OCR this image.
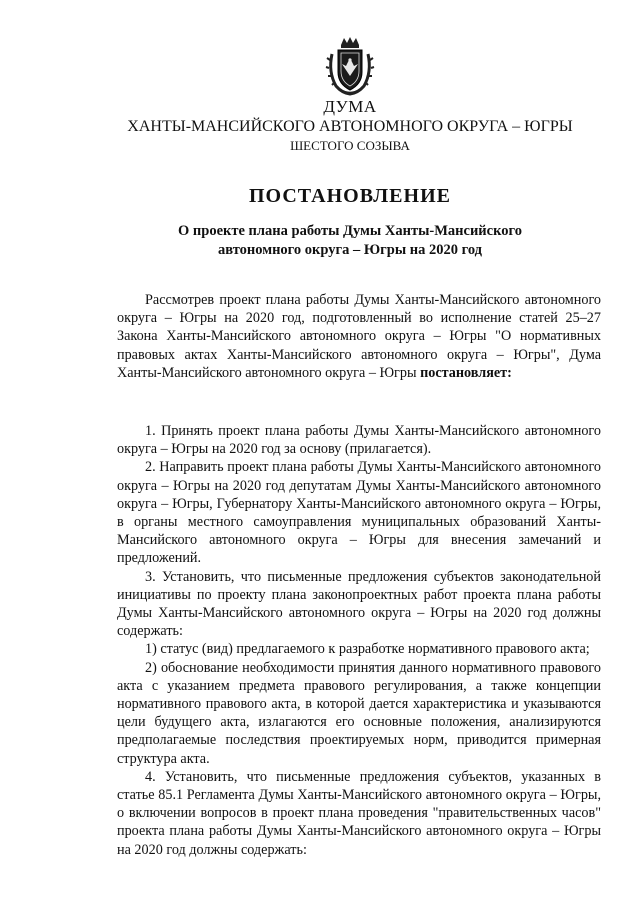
ДУМА

ХАНТЫ-МАНСИЙСКОГО АВТОНОМНОГО ОКРУГА – ЮГРЫ

ШЕСТОГО СОЗЫВА

ПОСТАНОВЛЕНИЕ
О проекте плана работы Думы Ханты-Мансийского
автономного округа – Югры на 2020 год

Рассмотрев проект плана работы Думы Ханты-Мансийского автономного округа – Югры на 2020 год, подготовленный во исполнение статей 25–27 Закона Ханты-Мансийского автономного округа – Югры "О нормативных правовых актах Ханты-Мансийского автономного округа – Югры", Дума Ханты-Мансийского автономного округа – Югры постановляет:

1. Принять проект плана работы Думы Ханты-Мансийского автономного округа – Югры на 2020 год за основу (прилагается).

2. Направить проект плана работы Думы Ханты-Мансийского автономного округа – Югры на 2020 год депутатам Думы Ханты-Мансийского автономного округа – Югры, Губернатору Ханты-Мансийского автономного округа – Югры, в органы местного самоуправления муниципальных образований Ханты-Мансийского автономного округа – Югры для внесения замечаний и предложений.

3. Установить, что письменные предложения субъектов законодательной инициативы по проекту плана законопроектных работ проекта плана работы Думы Ханты-Мансийского автономного округа – Югры на 2020 год должны содержать:

1) статус (вид) предлагаемого к разработке нормативного правового акта;

2) обоснование необходимости принятия данного нормативного правового акта с указанием предмета правового регулирования, а также концепции нормативного правового акта, в которой дается характеристика и указываются цели будущего акта, излагаются его основные положения, анализируются предполагаемые последствия проектируемых норм, приводится примерная структура акта.

4. Установить, что письменные предложения субъектов, указанных в статье 85.1 Регламента Думы Ханты-Мансийского автономного округа – Югры, о включении вопросов в проект плана проведения "правительственных часов" проекта плана работы Думы Ханты-Мансийского автономного округа – Югры на 2020 год должны содержать:
